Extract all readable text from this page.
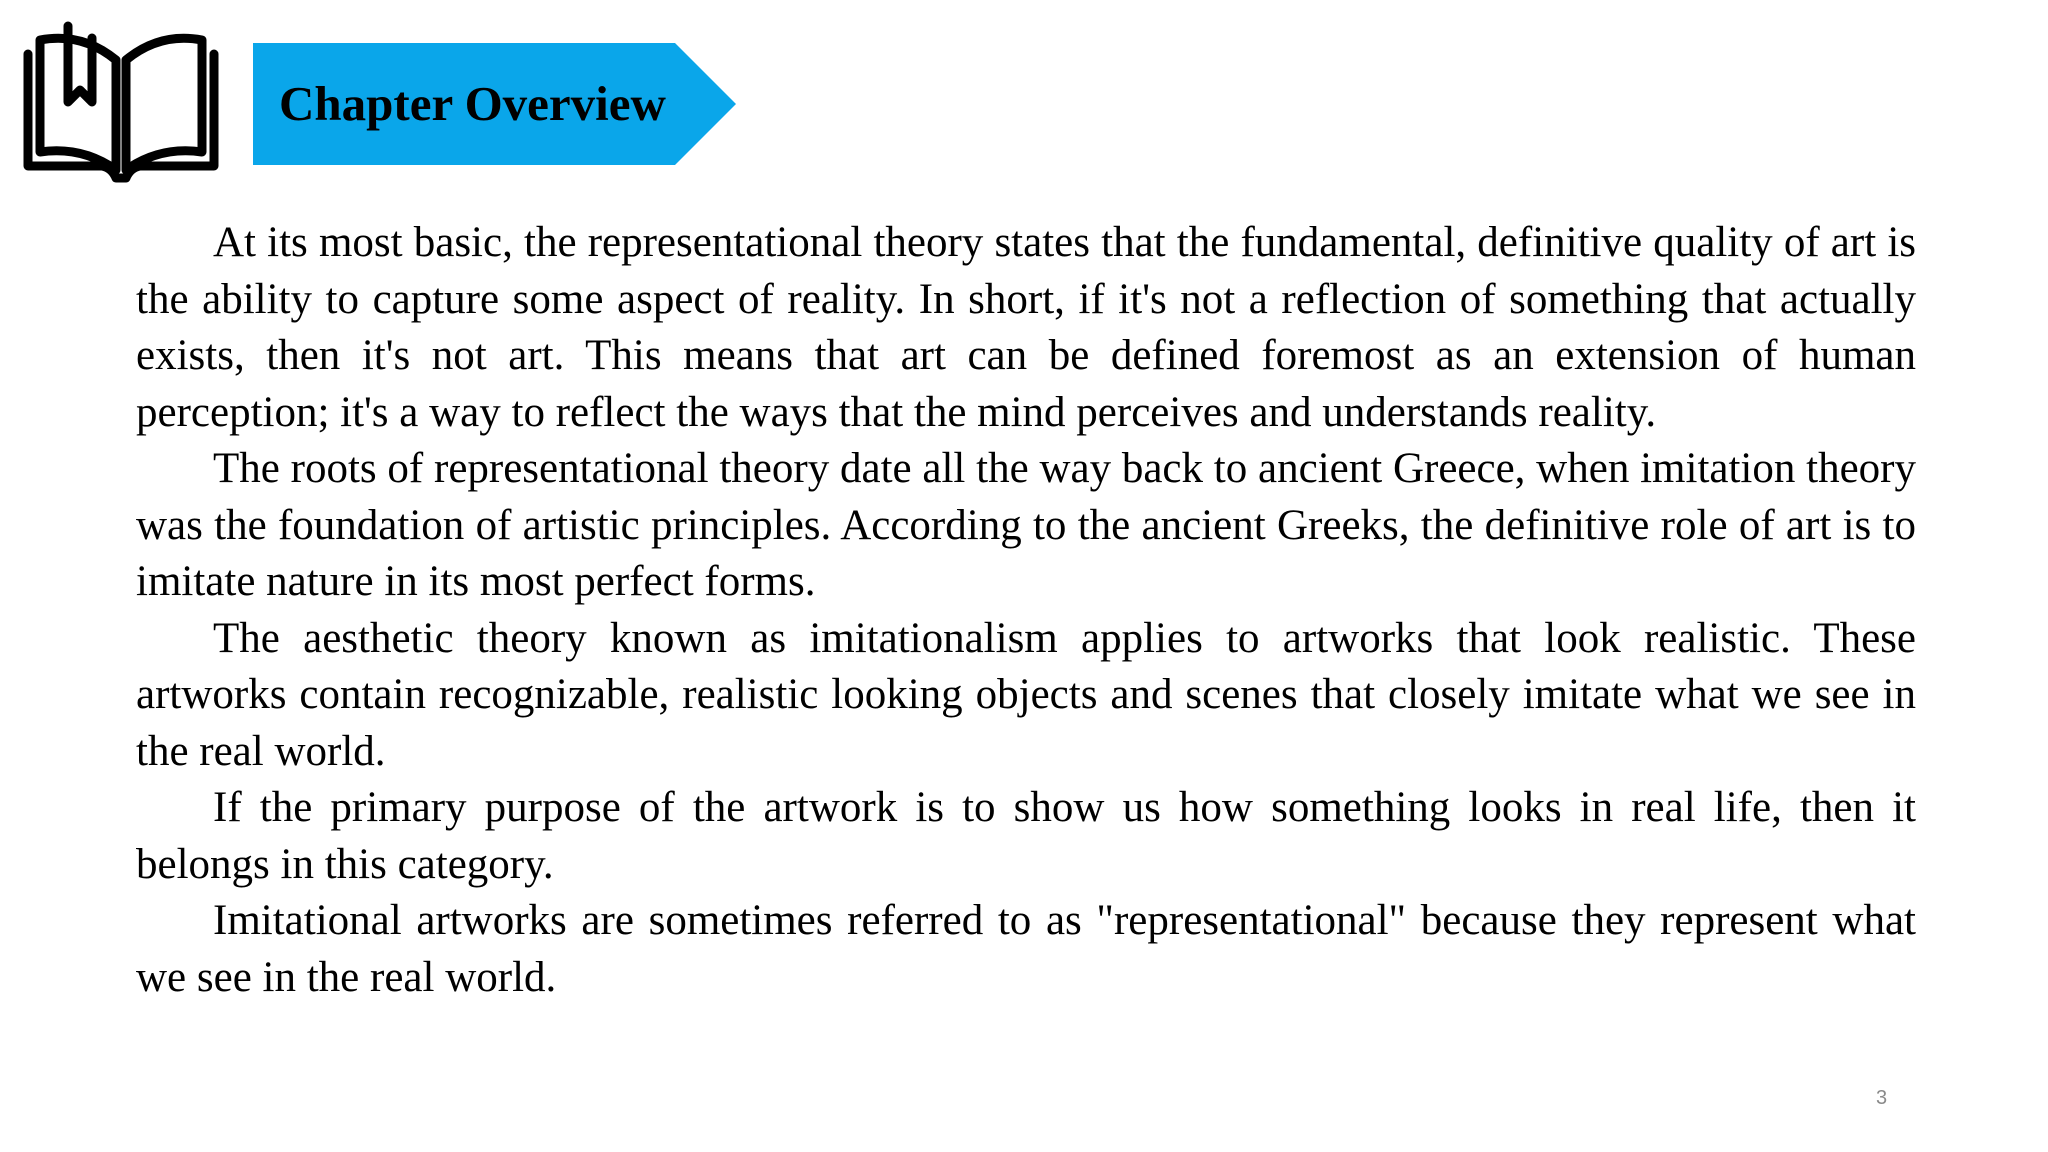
Chapter Overview

At its most basic, the representational theory states that the fundamental, definitive quality of art is the ability to capture some aspect of reality. In short, if it's not a reflection of something that actually exists, then it's not art. This means that art can be defined foremost as an extension of human perception; it's a way to reflect the ways that the mind perceives and understands reality.

The roots of representational theory date all the way back to ancient Greece, when imitation theory was the foundation of artistic principles. According to the ancient Greeks, the definitive role of art is to imitate nature in its most perfect forms.

The aesthetic theory known as imitationalism applies to artworks that look realistic. These artworks contain recognizable, realistic looking objects and scenes that closely imitate what we see in the real world.

If the primary purpose of the artwork is to show us how something looks in real life, then it belongs in this category.

Imitational artworks are sometimes referred to as "representational" because they represent what we see in the real world.

3
